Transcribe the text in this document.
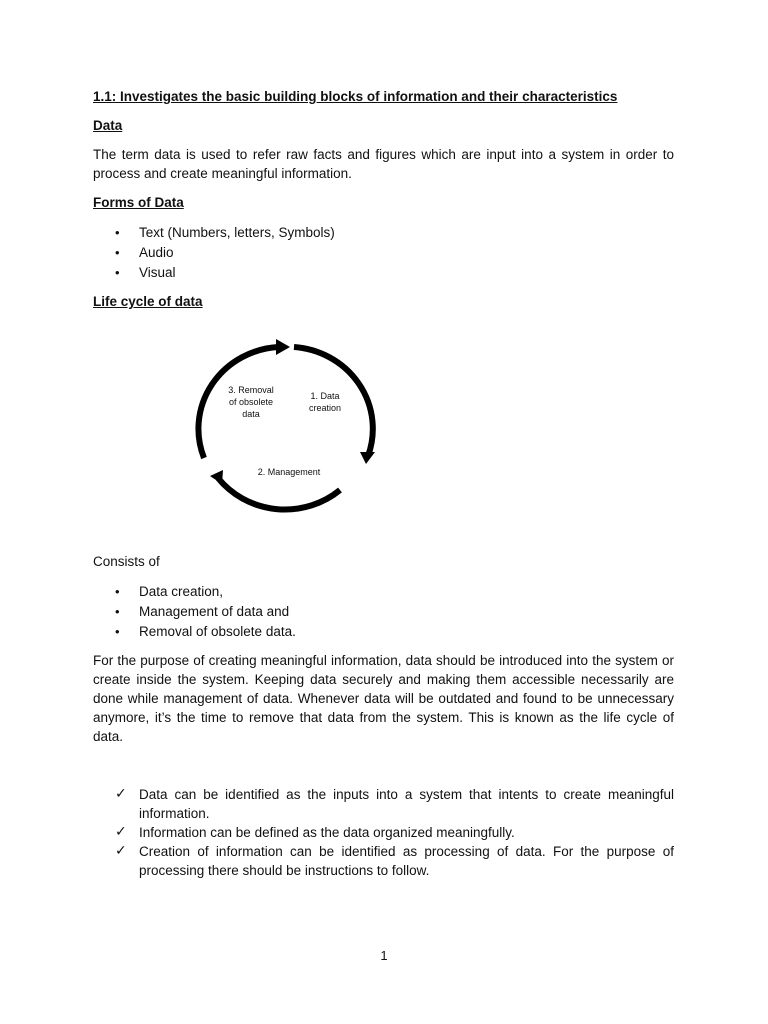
1.1: Investigates the basic building blocks of information and their characteristics
Data
The term data is used to refer raw facts and figures which are input into a system in order to process and create meaningful information.
Forms of Data
• Text (Numbers, letters, Symbols)
• Audio
• Visual
Life cycle of data
3. Removal
of obsolete
data
1. Data
creation
2. Management
Consists of
• Data creation,
• Management of data and
• Removal of obsolete data.
For the purpose of creating meaningful information, data should be introduced into the system or create inside the system. Keeping data securely and making them accessible necessarily are done while management of data. Whenever data will be outdated and found to be unnecessary anymore, it’s the time to remove that data from the system. This is known as the life cycle of data.
✓ Data can be identified as the inputs into a system that intents to create meaningful information.
✓ Information can be defined as the data organized meaningfully.
✓ Creation of information can be identified as processing of data. For the purpose of processing there should be instructions to follow.
1
